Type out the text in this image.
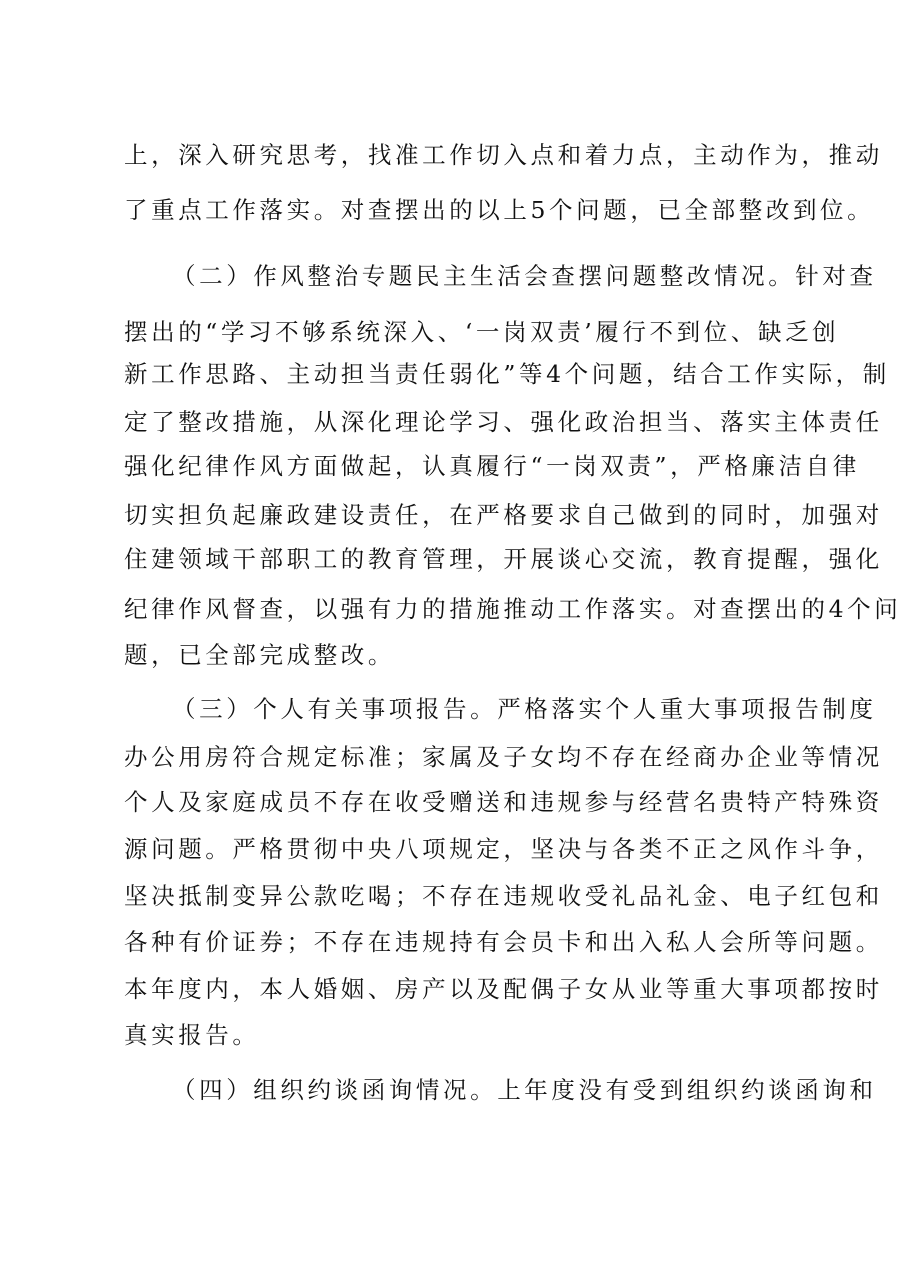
上，深入研究思考，找准工作切入点和着力点，主动作为，推动
了重点工作落实。对查摆出的以上5个问题，已全部整改到位。
（二）作风整治专题民主生活会查摆问题整改情况。针对查
摆出的“学习不够系统深入、‘一岗双责’履行不到位、缺乏创
新工作思路、主动担当责任弱化”等4个问题，结合工作实际，制
定了整改措施，从深化理论学习、强化政治担当、落实主体责任
强化纪律作风方面做起，认真履行“一岗双责”，严格廉洁自律
切实担负起廉政建设责任，在严格要求自己做到的同时，加强对
住建领域干部职工的教育管理，开展谈心交流，教育提醒，强化
纪律作风督查，以强有力的措施推动工作落实。对查摆出的4个问
题，已全部完成整改。
（三）个人有关事项报告。严格落实个人重大事项报告制度
办公用房符合规定标准；家属及子女均不存在经商办企业等情况
个人及家庭成员不存在收受赠送和违规参与经营名贵特产特殊资
源问题。严格贯彻中央八项规定，坚决与各类不正之风作斗争，
坚决抵制变异公款吃喝；不存在违规收受礼品礼金、电子红包和
各种有价证券；不存在违规持有会员卡和出入私人会所等问题。
本年度内，本人婚姻、房产以及配偶子女从业等重大事项都按时
真实报告。
（四）组织约谈函询情况。上年度没有受到组织约谈函询和
